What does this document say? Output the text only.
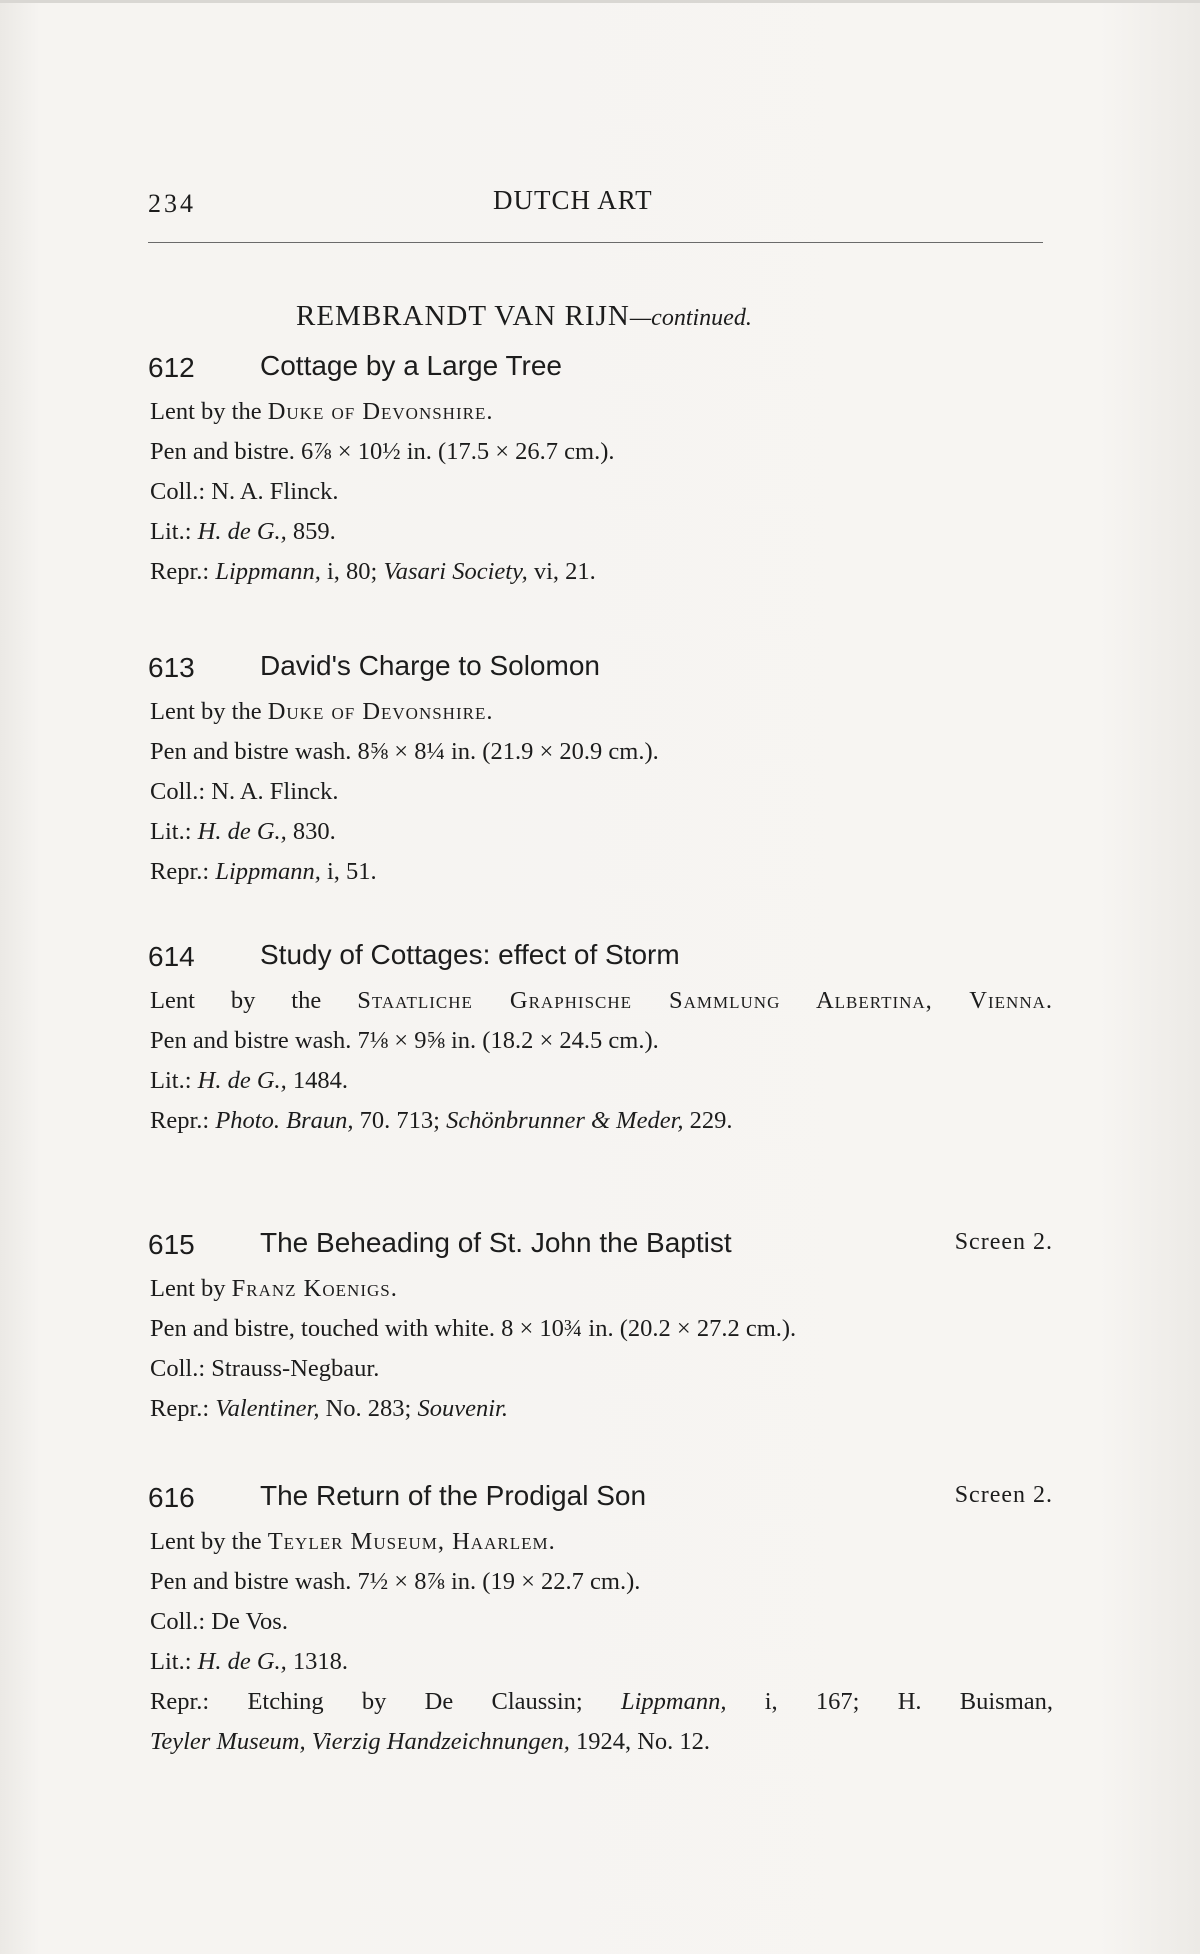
234	DUTCH ART
REMBRANDT VAN RIJN—continued.
612 Cottage by a Large Tree
Lent by the Duke of Devonshire.
Pen and bistre. 6⅞ × 10½ in. (17.5 × 26.7 cm.).
Coll.: N. A. Flinck.
Lit.: H. de G., 859.
Repr.: Lippmann, i, 80; Vasari Society, vi, 21.
613 David's Charge to Solomon
Lent by the Duke of Devonshire.
Pen and bistre wash. 8⅝ × 8¼ in. (21.9 × 20.9 cm.).
Coll.: N. A. Flinck.
Lit.: H. de G., 830.
Repr.: Lippmann, i, 51.
614 Study of Cottages: effect of Storm
Lent by the Staatliche Graphische Sammlung Albertina, Vienna.
Pen and bistre wash. 7⅛ × 9⅝ in. (18.2 × 24.5 cm.).
Lit.: H. de G., 1484.
Repr.: Photo. Braun, 70. 713; Schönbrunner & Meder, 229.
615 The Beheading of St. John the Baptist	Screen 2.
Lent by Franz Koenigs.
Pen and bistre, touched with white. 8 × 10¾ in. (20.2 × 27.2 cm.).
Coll.: Strauss-Negbaur.
Repr.: Valentiner, No. 283; Souvenir.
616 The Return of the Prodigal Son	Screen 2.
Lent by the Teyler Museum, Haarlem.
Pen and bistre wash. 7½ × 8⅞ in. (19 × 22.7 cm.).
Coll.: De Vos.
Lit.: H. de G., 1318.
Repr.: Etching by De Claussin; Lippmann, i, 167; H. Buisman,
Teyler Museum, Vierzig Handzeichnungen, 1924, No. 12.
